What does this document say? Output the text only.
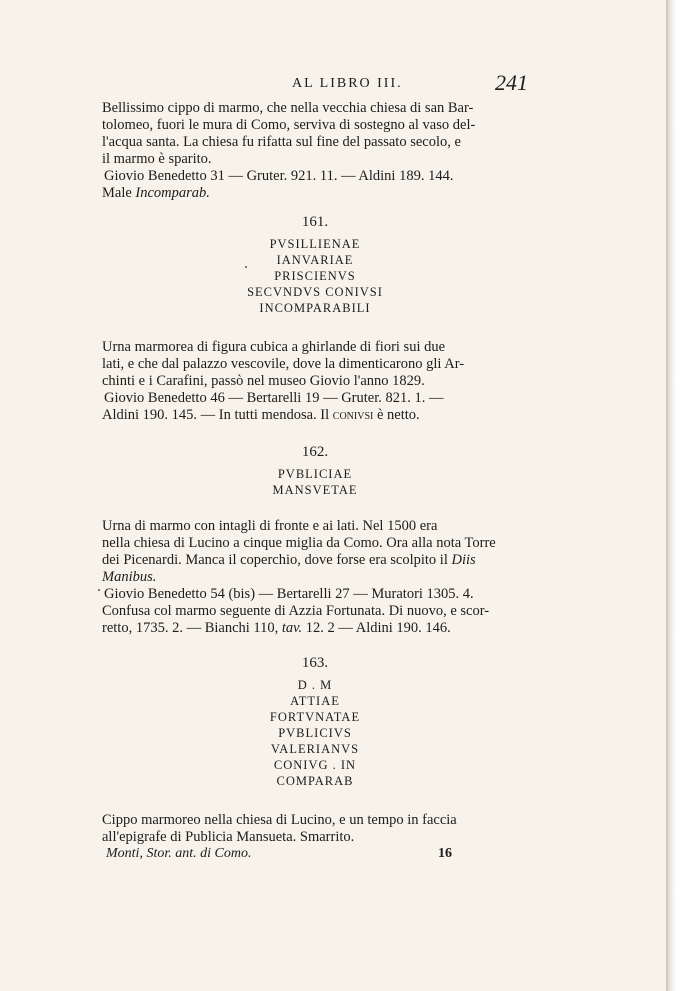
AL LIBRO III.	241

Bellissimo cippo di marmo, che nella vecchia chiesa di san Bar-

tolomeo, fuori le mura di Como, serviva di sostegno al vaso del-

l'acqua santa. La chiesa fu rifatta sul fine del passato secolo, e

il marmo è sparito.

Giovio Benedetto 31 — Gruter. 921. 11. — Aldini 189. 144.

Male Incomparab.

161.
PVSILLIENAE
IANVARIAE
PRISCIENVS
SECVNDVS CONIVSI
INCOMPARABILI

Urna marmorea di figura cubica a ghirlande di fiori sui due

lati, e che dal palazzo vescovile, dove la dimenticarono gli Ar-

chinti e i Carafini, passò nel museo Giovio l'anno 1829.

Giovio Benedetto 46 — Bertarelli 19 — Gruter. 821. 1. —

Aldini 190. 145. — In tutti mendosa. Il conivsi è netto.

162.
PVBLICIAE
MANSVETAE

Urna di marmo con intagli di fronte e ai lati. Nel 1500 era

nella chiesa di Lucino a cinque miglia da Como. Ora alla nota Torre

dei Picenardi. Manca il coperchio, dove forse era scolpito il Diis

Manibus.

Giovio Benedetto 54 (bis) — Bertarelli 27 — Muratori 1305. 4.

Confusa col marmo seguente di Azzia Fortunata. Di nuovo, e scor-

retto, 1735. 2. — Bianchi 110, tav. 12. 2 — Aldini 190. 146.

163.
D . M
ATTIAE
FORTVNATAE
PVBLICIVS
VALERIANVS
CONIVG . IN
COMPARAB

Cippo marmoreo nella chiesa di Lucino, e un tempo in faccia

all'epigrafe di Publicia Mansueta. Smarrito.

Monti, Stor. ant. di Como.	16
